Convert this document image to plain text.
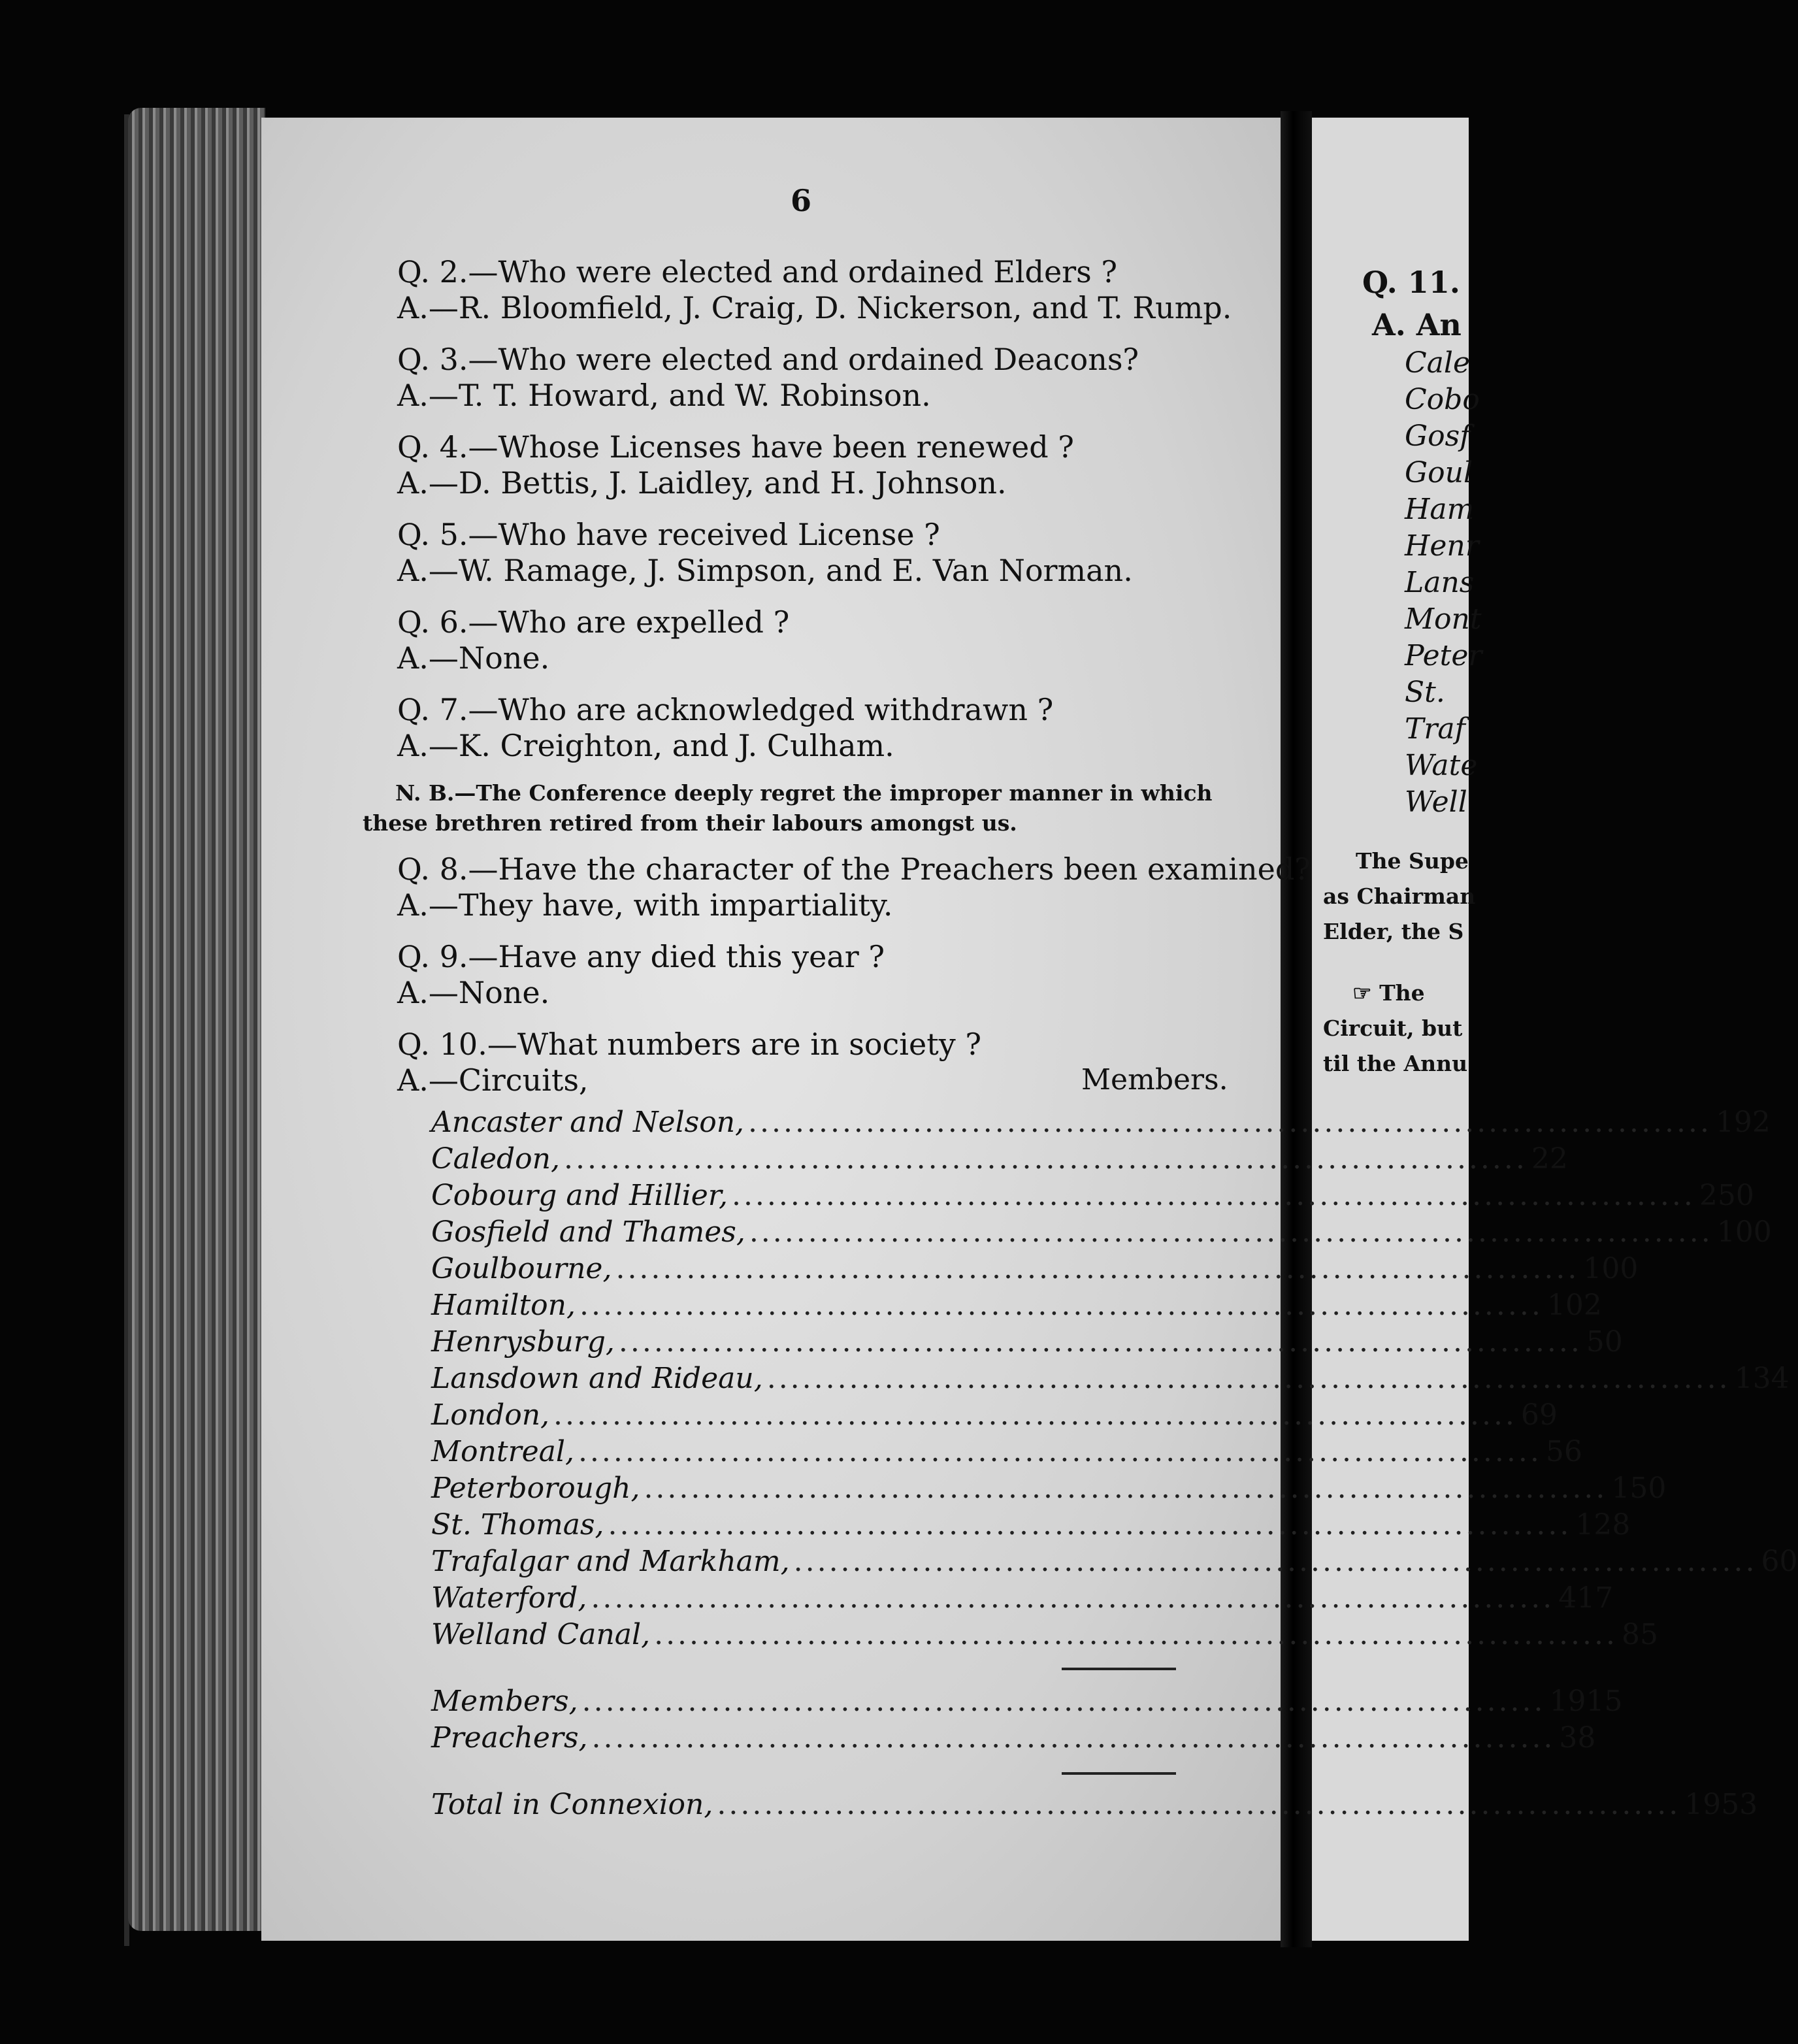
6
Q. 2.—Who were elected and ordained Elders ?
A.—R. Bloomfield, J. Craig, D. Nickerson, and T. Rump.
Q. 3.—Who were elected and ordained Deacons?
A.—T. T. Howard, and W. Robinson.
Q. 4.—Whose Licenses have been renewed ?
A.—D. Bettis, J. Laidley, and H. Johnson.
Q. 5.—Who have received License ?
A.—W. Ramage, J. Simpson, and E. Van Norman.
Q. 6.—Who are expelled ?
A.—None.
Q. 7.—Who are acknowledged withdrawn ?
A.—K. Creighton, and J. Culham.
N. B.—The Conference deeply regret the improper manner in which
these brethren retired from their labours amongst us.
Q. 8.—Have the character of the Preachers been examined?
A.—They have, with impartiality.
Q. 9.—Have any died this year ?
A.—None.
Q. 10.—What numbers are in society ?
A.—Circuits,	Members.
Ancaster and Nelson, .................................................................................. 192
Caledon, .................................................................................. 22
Cobourg and Hillier, .................................................................................. 250
Gosfield and Thames, .................................................................................. 100
Goulbourne, .................................................................................. 100
Hamilton, .................................................................................. 102
Henrysburg, .................................................................................. 50
Lansdown and Rideau, .................................................................................. 134
London, .................................................................................. 69
Montreal, .................................................................................. 56
Peterborough, .................................................................................. 150
St. Thomas, .................................................................................. 128
Trafalgar and Markham, .................................................................................. 60
Waterford, .................................................................................. 417
Welland Canal, .................................................................................. 85
Members, .................................................................................. 1915
Preachers, .................................................................................. 38
Total in Connexion, .................................................................................. 1953
Q. 11.
A. An
Cale
Cobo
Gosf
Goul
Ham
Henr
Lans
Mont
Peter
St.
Traf
Wate
Well
The Supe
as Chairman
Elder, the S
☞ The
Circuit, but
til the Annu
